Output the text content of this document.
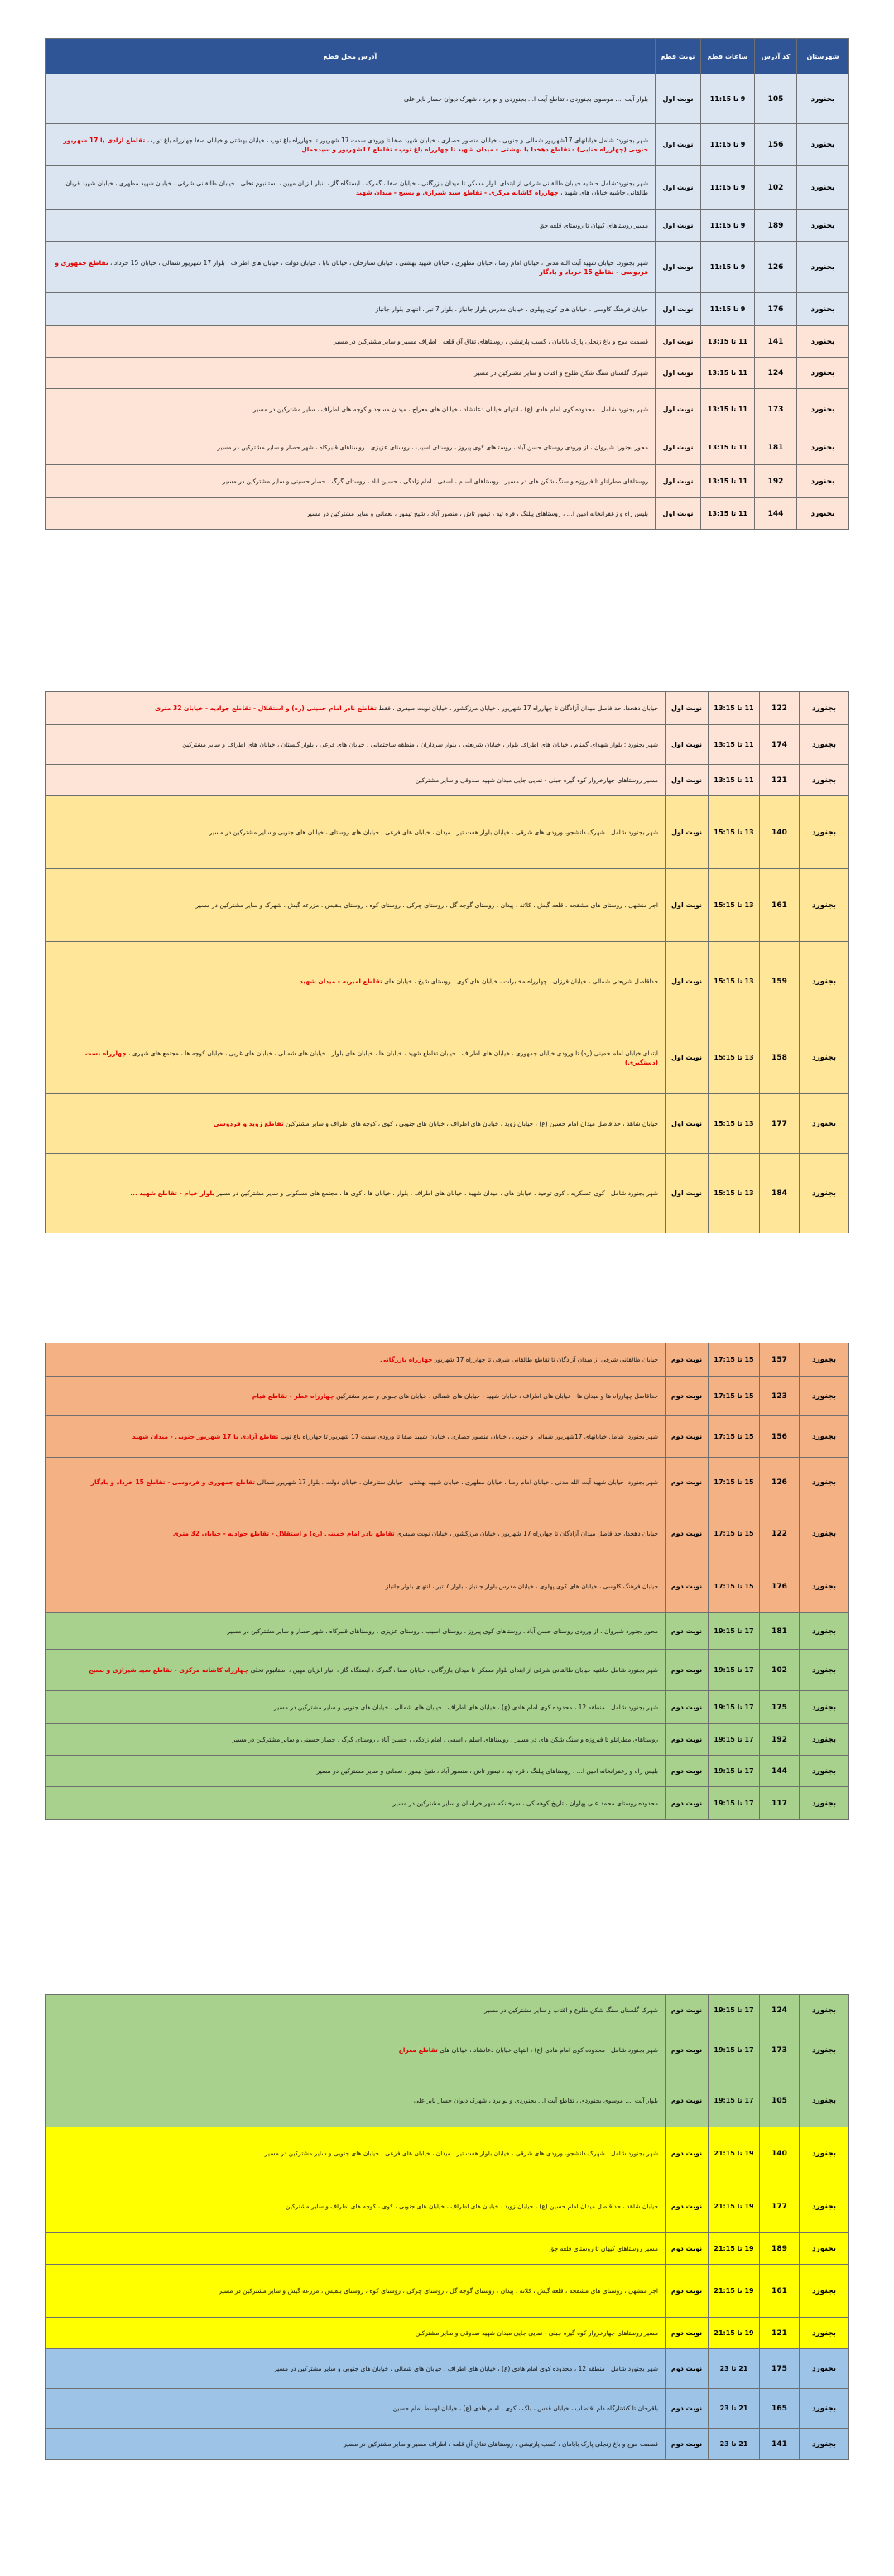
شهرستان	کد آدرس	ساعات قطع	نوبت قطع	آدرس محل قطع
بجنورد	105	9 تا 11:15	نوبت اول	بلوار آیت ا... موسوی بجنوردی ، تقاطع آیت ا... بجنوردی و نو برد ، شهرک دیوان حسار نایر علی
بجنورد	156	9 تا 11:15	نوبت اول	شهر بجنورد: شامل خیابانهای 17شهریور شمالی و جنوبی ، خیابان منصور حصاری ، خیابان شهید صفا تا ورودی سمت 17 شهریور تا چهارراه باغ توپ ، خیابان بهشتی و خیابان صفا چهارراه باغ توپ ، تقاطع آزادی با 17 شهریور جنوبی (چهارراه حنایی) - تقاطع دهخدا با بهشتی - میدان شهید تا چهارراه باغ توپ - تقاطع 17شهریور و سیدجمال
بجنورد	102	9 تا 11:15	نوبت اول	شهر بجنورد:شامل حاشیه خیابان طالقانی شرقی از ابتدای بلوار مسکن تا میدان بازرگانی ، خیابان صفا ، گمرک ، ایستگاه گاز ، انبار ابزیان مهین ، استانبوم تخلی ، خیابان طالقانی شرقی ، خیابان شهید مطهری ، خیابان شهید قربان طالقانی حاشیه خیابان های شهید ، چهارراه کاشانه مرکزی - تقاطع سید شیرازی و بسیج - میدان شهید
بجنورد	189	9 تا 11:15	نوبت اول	مسیر روستاهای کیهان تا روستای قلعه جق
بجنورد	126	9 تا 11:15	نوبت اول	شهر بجنورد: خیابان شهید آیت الله مدنی ، خیابان امام رضا ، خیابان مطهری ، خیابان شهید بهشتی ، خیابان ستارخان ، خیابان بابا ، خیابان دولت ، خیابان های اطراف ، بلوار 17 شهریور شمالی ، خیابان 15 خرداد ، تقاطع جمهوری و فردوسی - تقاطع 15 خرداد و بادگار
بجنورد	176	9 تا 11:15	نوبت اول	خیابان فرهنگ کاوسی ، خیابان های کوی پهلوی ، خیابان مدرس بلوار جانباز ، بلوار 7 تیر ، انتهای بلوار جانباز
بجنورد	141	11 تا 13:15	نوبت اول	قسمت موج و باغ زنجلی پارک بابامان ، کسب پارتیشن ، روستاهای تقاق آق قلعه ، اطراف مسیر و سایر مشترکین در مسیر
بجنورد	124	11 تا 13:15	نوبت اول	شهرک گلستان سنگ شکن طلوع و اقتاب و سایر مشترکین در مسیر
بجنورد	173	11 تا 13:15	نوبت اول	شهر بجنورد شامل ، محدوده کوی امام هادی (ع) ، انتهای خیابان دعانشاد ، خیابان های معراج ، میدان مسجد و کوچه های اطراف ، سایر مشترکین در مسیر
بجنورد	181	11 تا 13:15	نوبت اول	محور بجنورد شیروان ، از ورودی روستای حسن آباد ، روستاهای کوی پیروز ، روستای اسیب ، روستای عزیزی ، روستاهای قنبرکاه ، شهر حصار و سایر مشترکین در مسیر
بجنورد	192	11 تا 13:15	نوبت اول	روستاهای مطرانلو تا فیروزه و سنگ شکن های در مسیر ، روستاهای اسلم ، اسفی ، امام زادگی ، حسین آباد ، روستای گرگ ، حصار حسینی و سایر مشترکین در مسیر
بجنورد	144	11 تا 13:15	نوبت اول	بلیس راه و زعفرانخانه امین ا... ، روستاهای پیلنگ ، قره تپه ، تیمور تاش ، منصور آباد ، شیخ تیمور ، نعمانی و سایر مشترکین در مسیر
بجنورد	122	11 تا 13:15	نوبت اول	خیابان دهخدا، حد فاصل میدان آزادگان تا چهارراه 17 شهریور ، خیابان مرزکشور ، خیابان نوبت صیفری ، فقط تقاطع نادر امام خمینی (ره) و استقلال - تقاطع جوادیه - خیابان 32 متری
بجنورد	174	11 تا 13:15	نوبت اول	شهر بجنورد : بلوار شهدای گمنام ، خیابان های اطراف بلوار ، خیابان شریعتی ، بلوار سرداران ، منطقه ساختمانی ، خیابان های فرعی ، بلوار گلستان ، خیابان های اطراف و سایر مشترکین
بجنورد	121	11 تا 13:15	نوبت اول	مسیر روستاهای چهارخروار کوه گیره جبلی - نمایی جایی میدان شهید صدوقی و سایر مشترکین
بجنورد	140	13 تا 15:15	نوبت اول	شهر بجنورد شامل : شهرک دانشجو، ورودی های شرقی ، خیابان بلوار هفت تیر ، میدان ، خیابان های فرعی ، خیابان های روستای ، خیابان های جنوبی و سایر مشترکین در مسیر
بجنورد	161	13 تا 15:15	نوبت اول	اجر منشهی ، روستای های مشقجه ، قلعه گیش ، کلاته ، پیدان ، روستای گوجه گل ، روستای چرکی ، روستای کوه ، روستای بلقیس ، مزرعه گیش ، شهرک و سایر مشترکین در مسیر
بجنورد	159	13 تا 15:15	نوبت اول	حداقاصل شریعتی شمالی ، خیابان فرزان ، چهارراه مخابرات ، خیابان های کوی ، روستای شیخ ، خیابان های تقاطع امیریه - میدان شهید
بجنورد	158	13 تا 15:15	نوبت اول	ابتدای خیابان امام خمینی (ره) تا ورودی خیابان جمهوری ، خیابان های اطراف ، خیابان تقاطع شهید ، خیابان ها ، خیابان های بلوار ، خیابان های شمالی ، خیابان های غربی ، خیابان کوچه ها ، مجتمع های شهری ، چهارراه بست (دستگیری)
بجنورد	177	13 تا 15:15	نوبت اول	خیابان شاهد ، حداقاصل میدان امام حسین (ع) ، خیابان زوید ، خیابان های اطراف ، خیابان های جنوبی ، کوی ، کوچه های اطراف و سایر مشترکین تقاطع زوید و فردوسی
بجنورد	184	13 تا 15:15	نوبت اول	شهر بجنورد شامل : کوی عسکریه ، کوی توحید ، خیابان های ، میدان شهید ، خیابان های اطراف ، بلوار ، خیابان ها ، کوی ها ، مجتمع های مسکونی و سایر مشترکین در مسیر بلوار خیام - تقاطع شهید ...
بجنورد	157	15 تا 17:15	نوبت دوم	خیابان طالقانی شرقی از میدان آزادگان تا تقاطع طالقانی شرقی تا چهارراه 17 شهریور چهارراه بازرگانی
بجنورد	123	15 تا 17:15	نوبت دوم	حداقاصل چهارراه ها و میدان ها ، خیابان های اطراف ، خیابان شهید ، خیابان های شمالی ، خیابان های جنوبی و سایر مشترکین چهارراه عطر - تقاطع فیام
بجنورد	156	15 تا 17:15	نوبت دوم	شهر بجنورد: شامل خیابانهای 17شهریور شمالی و جنوبی ، خیابان منصور حصاری ، خیابان شهید صفا تا ورودی سمت 17 شهریور تا چهارراه باغ توپ تقاطع آزادی با 17 شهریور جنوبی - میدان شهید
بجنورد	126	15 تا 17:15	نوبت دوم	شهر بجنورد: خیابان شهید آیت الله مدنی ، خیابان امام رضا ، خیابان مطهری ، خیابان شهید بهشتی ، خیابان ستارخان ، خیابان دولت ، بلوار 17 شهریور شمالی تقاطع جمهوری و فردوسی - تقاطع 15 خرداد و بادگار
بجنورد	122	15 تا 17:15	نوبت دوم	خیابان دهخدا، حد فاصل میدان آزادگان تا چهارراه 17 شهریور ، خیابان مرزکشور ، خیابان نوبت صیفری تقاطع نادر امام خمینی (ره) و استقلال - تقاطع جوادیه - خیابان 32 متری
بجنورد	176	15 تا 17:15	نوبت دوم	خیابان فرهنگ کاوسی ، خیابان های کوی پهلوی ، خیابان مدرس بلوار جانباز ، بلوار 7 تیر ، انتهای بلوار جانباز
بجنورد	181	17 تا 19:15	نوبت دوم	محور بجنورد شیروان ، از ورودی روستای حسن آباد ، روستاهای کوی پیروز ، روستای اسیب ، روستای عزیزی ، روستاهای قنبرکاه ، شهر حصار و سایر مشترکین در مسیر
بجنورد	102	17 تا 19:15	نوبت دوم	شهر بجنورد:شامل حاشیه خیابان طالقانی شرقی از ابتدای بلوار مسکن تا میدان بازرگانی ، خیابان صفا ، گمرک ، ایستگاه گاز ، انبار ابزیان مهین ، استانبوم تخلی چهارراه کاشانه مرکزی - تقاطع سید شیرازی و بسیج
بجنورد	175	17 تا 19:15	نوبت دوم	شهر بجنورد شامل : منطقه 12 ، محدوده کوی امام هادی (ع) ، خیابان های اطراف ، خیابان های شمالی ، خیابان های جنوبی و سایر مشترکین در مسیر
بجنورد	192	17 تا 19:15	نوبت دوم	روستاهای مطرانلو تا فیروزه و سنگ شکن های در مسیر ، روستاهای اسلم ، اسفی ، امام زادگی ، حسین آباد ، روستای گرگ ، حصار حسینی و سایر مشترکین در مسیر
بجنورد	144	17 تا 19:15	نوبت دوم	بلیس راه و زعفرانخانه امین ا... ، روستاهای پیلنگ ، قره تپه ، تیمور تاش ، منصور آباد ، شیخ تیمور ، نعمانی و سایر مشترکین در مسیر
بجنورد	117	17 تا 19:15	نوبت دوم	محدوده روستای محمد علی پهلوان ، تاریخ کوهه کی ، سرخانکه شهر خراسان و سایر مشترکین در مسیر
بجنورد	124	17 تا 19:15	نوبت دوم	شهرک گلستان سنگ شکن طلوع و اقتاب و سایر مشترکین در مسیر
بجنورد	173	17 تا 19:15	نوبت دوم	شهر بجنورد شامل ، محدوده کوی امام هادی (ع) ، انتهای خیابان دعانشاد ، خیابان های تقاطع معراج
بجنورد	105	17 تا 19:15	نوبت دوم	بلوار آیت ا... موسوی بجنوردی ، تقاطع آیت ا... بجنوردی و نو برد ، شهرک دیوان حسار نایر علی
بجنورد	140	19 تا 21:15	نوبت دوم	شهر بجنورد شامل : شهرک دانشجو، ورودی های شرقی ، خیابان بلوار هفت تیر ، میدان ، خیابان های فرعی ، خیابان های جنوبی و سایر مشترکین در مسیر
بجنورد	177	19 تا 21:15	نوبت دوم	خیابان شاهد ، حداقاصل میدان امام حسین (ع) ، خیابان زوید ، خیابان های اطراف ، خیابان های جنوبی ، کوی ، کوچه های اطراف و سایر مشترکین
بجنورد	189	19 تا 21:15	نوبت دوم	مسیر روستاهای کیهان تا روستای قلعه جق
بجنورد	161	19 تا 21:15	نوبت دوم	اجر منشهی ، روستای های مشقجه ، قلعه گیش ، کلاته ، پیدان ، روستای گوجه گل ، روستای چرکی ، روستای کوه ، روستای بلقیس ، مزرعه گیش و سایر مشترکین در مسیر
بجنورد	121	19 تا 21:15	نوبت دوم	مسیر روستاهای چهارخروار کوه گیره جبلی - نمایی جایی میدان شهید صدوقی و سایر مشترکین
بجنورد	175	21 تا 23	نوبت دوم	شهر بجنورد شامل : منطقه 12 ، محدوده کوی امام هادی (ع) ، خیابان های اطراف ، خیابان های شمالی ، خیابان های جنوبی و سایر مشترکین در مسیر
بجنورد	165	21 تا 23	نوبت دوم	باقرخان تا کشتارگاه دام اقتضاب ، خیابان قدس ، بلک ، کوی ، امام هادی (ع) ، خیابان اوسط امام حسین
بجنورد	141	21 تا 23	نوبت دوم	قسمت موج و باغ زنجلی پارک بابامان ، کسب پارتیشن ، روستاهای تقاق آق قلعه ، اطراف مسیر و سایر مشترکین در مسیر
